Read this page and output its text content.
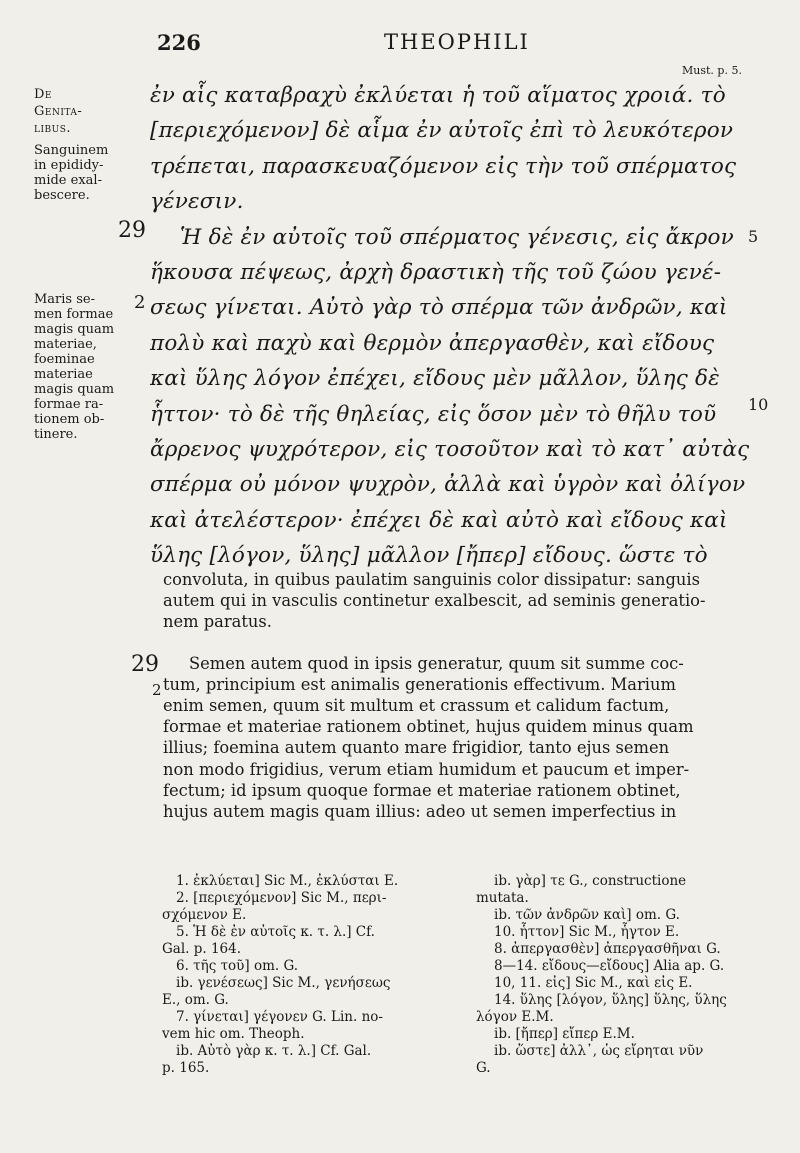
226	THEOPHILI
Must. p. 5.
De
Genita-
libus.
Sanguinem
in epididy-
mide exal-
bescere.
Maris se-
men formae
magis quam
materiae,
foeminae
materiae
magis quam
formae ra-
tionem ob-
tinere.
29
2
5
10
ἐν αἷς καταβραχὺ ἐκλύεται ἡ τοῦ αἵματος χροιά. τὸ
[περιεχόμενον] δὲ αἷμα ἐν αὐτοῖς ἐπὶ τὸ λευκότερον
τρέπεται, παρασκευαζόμενον εἰς τὴν τοῦ σπέρματος
γένεσιν.
Ἡ δὲ ἐν αὐτοῖς τοῦ σπέρματος γένεσις, εἰς ἄκρον
ἥκουσα πέψεως, ἀρχὴ δραστικὴ τῆς τοῦ ζώου γενέ-
σεως γίνεται. Αὐτὸ γὰρ τὸ σπέρμα τῶν ἀνδρῶν, καὶ
πολὺ καὶ παχὺ καὶ θερμὸν ἀπεργασθὲν, καὶ εἴδους
καὶ ὕλης λόγον ἐπέχει, εἴδους μὲν μᾶλλον, ὕλης δὲ
ἧττον· τὸ δὲ τῆς θηλείας, εἰς ὅσον μὲν τὸ θῆλυ τοῦ
ἄρρενος ψυχρότερον, εἰς τοσοῦτον καὶ τὸ κατ᾽ αὐτὰς
σπέρμα οὐ μόνον ψυχρὸν, ἀλλὰ καὶ ὑγρὸν καὶ ὀλίγον
καὶ ἀτελέστερον· ἐπέχει δὲ καὶ αὐτὸ καὶ εἴδους καὶ
ὕλης [λόγον, ὕλης] μᾶλλον [ἤπερ] εἴδους. ὥστε τὸ
29
2
convoluta, in quibus paulatim sanguinis color dissipatur: sanguis
autem qui in vasculis continetur exalbescit, ad seminis generatio-
nem paratus.
Semen autem quod in ipsis generatur, quum sit summe coc-
tum, principium est animalis generationis effectivum. Marium
enim semen, quum sit multum et crassum et calidum factum,
formae et materiae rationem obtinet, hujus quidem minus quam
illius; foemina autem quanto mare frigidior, tanto ejus semen
non modo frigidius, verum etiam humidum et paucum et imper-
fectum; id ipsum quoque formae et materiae rationem obtinet,
hujus autem magis quam illius: adeo ut semen imperfectius in
1. ἐκλύεται] Sic M., ἐκλύσται E.
2. [περιεχόμενον] Sic M., περι-
σχόμενον E.
5. Ἡ δὲ ἐν αὐτοῖς κ. τ. λ.] Cf.
Gal. p. 164.
6. τῆς τοῦ] om. G.
ib. γενέσεως] Sic M., γενήσεως
E., om. G.
7. γίνεται] γέγονεν G. Lin. no-
vem hic om. Theoph.
ib. Αὐτὸ γὰρ κ. τ. λ.] Cf. Gal.
p. 165.
ib. γὰρ] τε G., constructione
mutata.
ib. τῶν ἀνδρῶν καὶ] om. G.
10. ἧττον] Sic M., ἧγτον E.
8. ἀπεργασθὲν] ἀπεργασθῆναι G.
8—14. εἴδους—εἴδους] Alia ap. G.
10, 11. εἰς] Sic M., καὶ εἰς E.
14. ὕλης [λόγον, ὕλης] ὕλης, ὕλης
λόγον E.M.
ib. [ἤπερ] εἴπερ E.M.
ib. ὥστε] ἀλλ᾽, ὡς εἴρηται νῦν
G.
